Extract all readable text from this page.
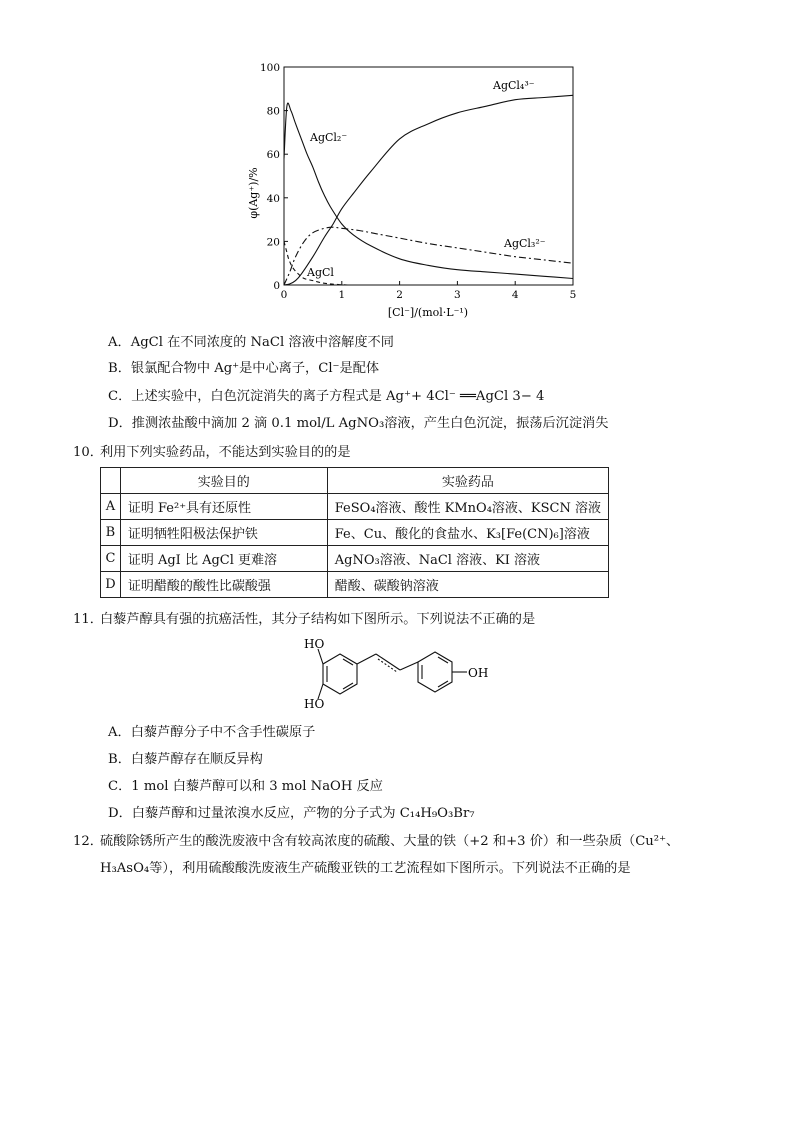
0	1	2	3	4	5
0
20
40
60
80
100
φ(Ag⁺)/%
[Cl⁻]/(mol·L⁻¹)
AgCl₄³⁻
AgCl₂⁻
AgCl₃²⁻
AgCl
A．AgCl 在不同浓度的 NaCl 溶液中溶解度不同
B．银氯配合物中 Ag⁺是中心离子，Cl⁻是配体
C．上述实验中，白色沉淀消失的离子方程式是 Ag⁺+ 4Cl⁻ ══AgCl 3− 4
D．推测浓盐酸中滴加 2 滴 0.1 mol/L AgNO₃溶液，产生白色沉淀，振荡后沉淀消失
10．
利用下列实验药品，不能达到实验目的的是
	实验目的	实验药品
A	证明 Fe²⁺具有还原性	FeSO₄溶液、酸性 KMnO₄溶液、KSCN 溶液
B	证明牺牲阳极法保护铁	Fe、Cu、酸化的食盐水、K₃[Fe(CN)₆]溶液
C	证明 AgI 比 AgCl 更难溶	AgNO₃溶液、NaCl 溶液、KI 溶液
D	证明醋酸的酸性比碳酸强	醋酸、碳酸钠溶液
11．
白藜芦醇具有强的抗癌活性，其分子结构如下图所示。下列说法不正确的是
HO
HO
OH
A．白藜芦醇分子中不含手性碳原子
B．白藜芦醇存在顺反异构
C．1 mol 白藜芦醇可以和 3 mol NaOH 反应
D．白藜芦醇和过量浓溴水反应，产物的分子式为 C₁₄H₉O₃Br₇
12．
硫酸除锈所产生的酸洗废液中含有较高浓度的硫酸、大量的铁（+2 和+3 价）和一些杂质（Cu²⁺、
H₃AsO₄等），利用硫酸酸洗废液生产硫酸亚铁的工艺流程如下图所示。下列说法不正确的是
